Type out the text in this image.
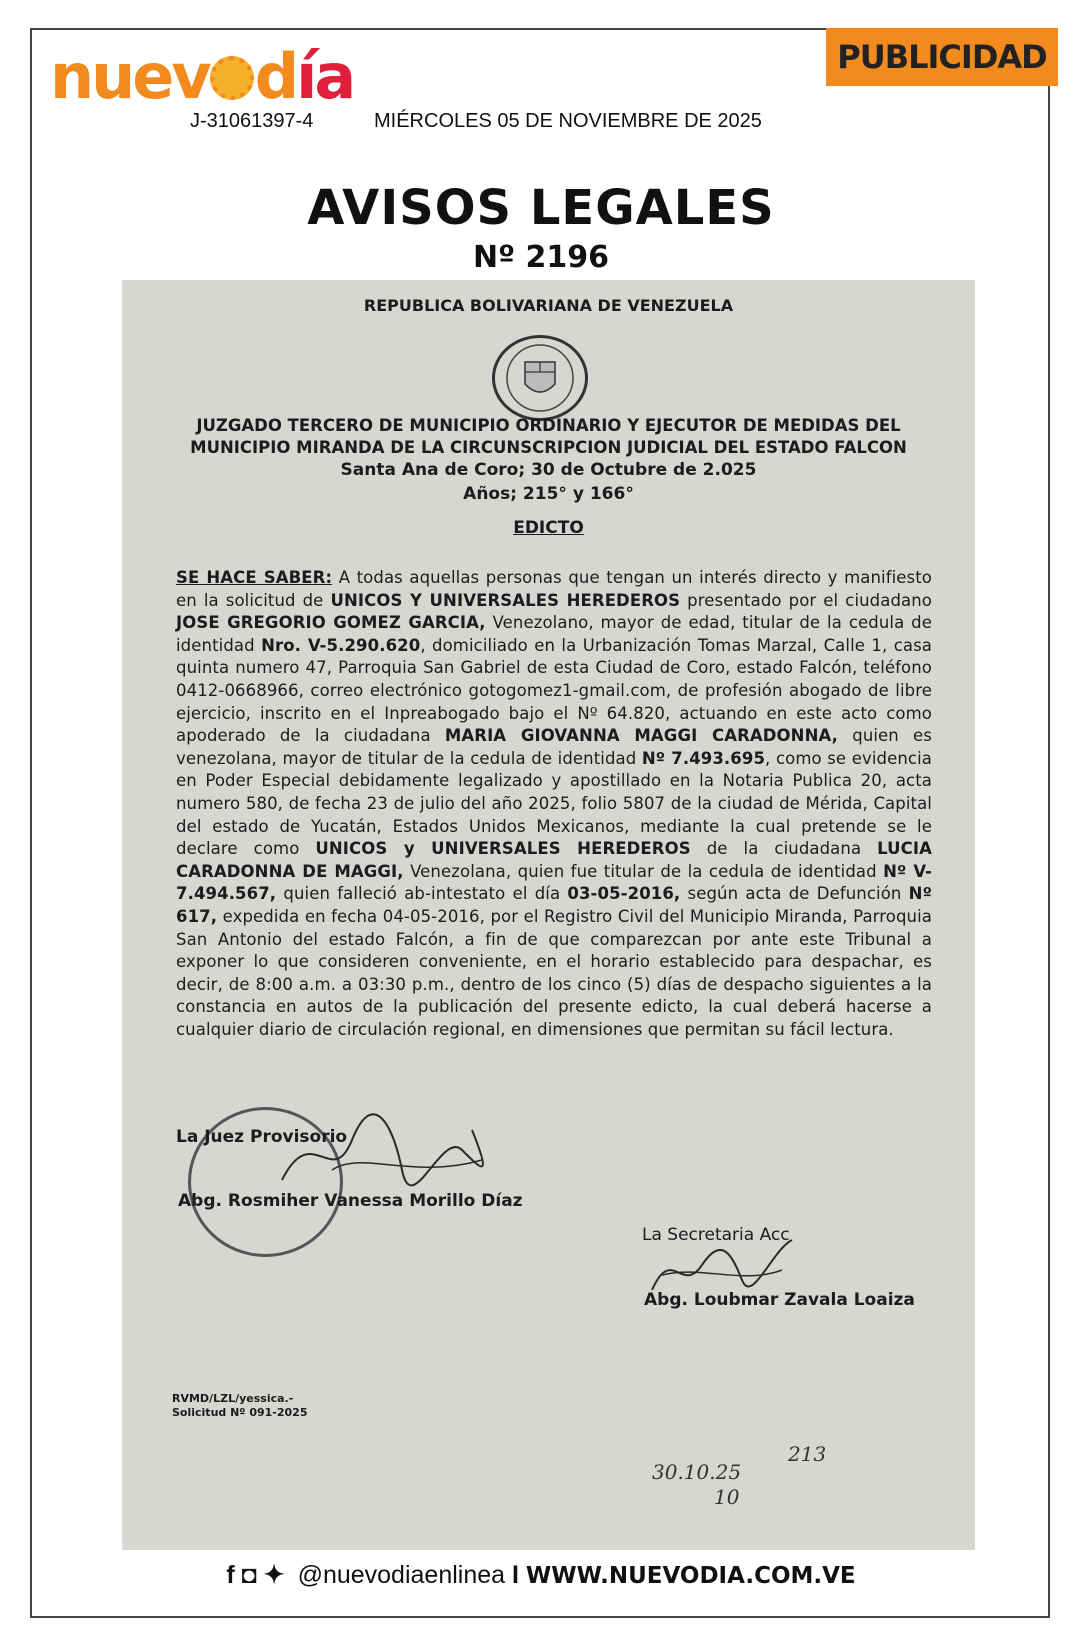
nuev día
J-31061397-4	MIÉRCOLES 05 DE NOVIEMBRE DE 2025
PUBLICIDAD
AVISOS LEGALES
Nº 2196
REPUBLICA BOLIVARIANA DE VENEZUELA
JUZGADO TERCERO DE MUNICIPIO ORDINARIO Y EJECUTOR DE MEDIDAS DEL
MUNICIPIO MIRANDA DE LA CIRCUNSCRIPCION JUDICIAL DEL ESTADO FALCON
Santa Ana de Coro; 30 de Octubre de 2.025
Años; 215° y 166°
EDICTO
SE HACE SABER: A todas aquellas personas que tengan un interés directo y manifiesto en la solicitud de UNICOS Y UNIVERSALES HEREDEROS presentado por el ciudadano JOSE GREGORIO GOMEZ GARCIA, Venezolano, mayor de edad, titular de la cedula de identidad Nro. V-5.290.620, domiciliado en la Urbanización Tomas Marzal, Calle 1, casa quinta numero 47, Parroquia San Gabriel de esta Ciudad de Coro, estado Falcón, teléfono 0412-0668966, correo electrónico gotogomez1-gmail.com, de profesión abogado de libre ejercicio, inscrito en el Inpreabogado bajo el Nº 64.820, actuando en este acto como apoderado de la ciudadana MARIA GIOVANNA MAGGI CARADONNA, quien es venezolana, mayor de titular de la cedula de identidad Nº 7.493.695, como se evidencia en Poder Especial debidamente legalizado y apostillado en la Notaria Publica 20, acta numero 580, de fecha 23 de julio del año 2025, folio 5807 de la ciudad de Mérida, Capital del estado de Yucatán, Estados Unidos Mexicanos, mediante la cual pretende se le declare como UNICOS y UNIVERSALES HEREDEROS de la ciudadana LUCIA CARADONNA DE MAGGI, Venezolana, quien fue titular de la cedula de identidad Nº V-7.494.567, quien falleció ab-intestato el día 03-05-2016, según acta de Defunción Nº 617, expedida en fecha 04-05-2016, por el Registro Civil del Municipio Miranda, Parroquia San Antonio del estado Falcón, a fin de que comparezcan por ante este Tribunal a exponer lo que consideren conveniente, en el horario establecido para despachar, es decir, de 8:00 a.m. a 03:30 p.m., dentro de los cinco (5) días de despacho siguientes a la constancia en autos de la publicación del presente edicto, la cual deberá hacerse a cualquier diario de circulación regional, en dimensiones que permitan su fácil lectura.
La Juez Provisorio
Abg. Rosmiher Vanessa Morillo Díaz
La Secretaria Acc
Abg. Loubmar Zavala Loaiza
RVMD/LZL/yessica.-
Solicitud Nº 091-2025
30.10.25
213
10
f ◘ ✦ @nuevodiaenlinea I WWW.NUEVODIA.COM.VE
